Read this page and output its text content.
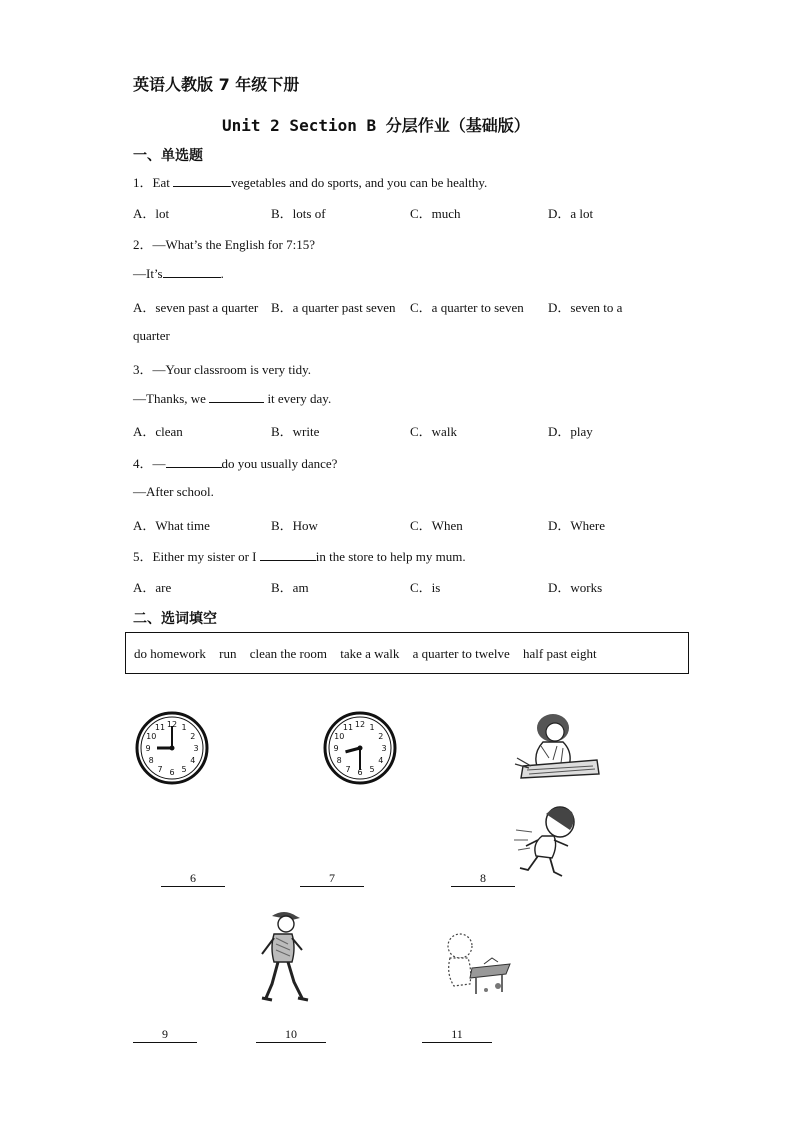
英语人教版 7 年级下册
Unit 2 Section B 分层作业（基础版）
一、单选题
1．Eat	vegetables and do sports, and you can be healthy.
A．lot	B．lots of	C．much	D．a lot
2．—What’s the English for 7:15?
—It’s	.
A．seven past a quarter B．a quarter past seven C．a quarter to seven D．seven to a
quarter
3．—Your classroom is very tidy.
—Thanks, we	it every day.
A．clean	B．write	C．walk	D．play
4．—	do you usually dance?
—After school.
A．What time	B．How	C．When	D．Where
5．Either my sister or I	in the store to help my mum.
A．are	B．am	C．is	D．works
二、选词填空
do homework run clean the room take a walk a quarter to twelve half past eight
12 1
2
3
4
5
6
7
8
9
10
11	12 1
2
3
4
5
6
7
8
9
10
11
6	7	8
9	10	11
